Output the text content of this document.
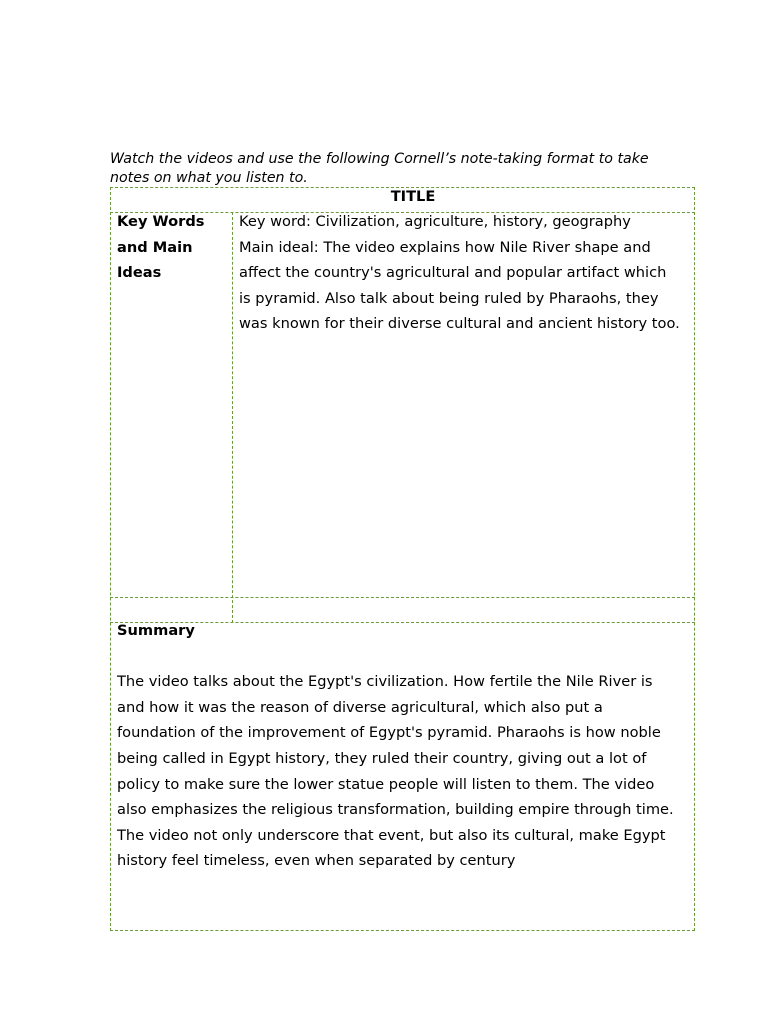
Watch the videos and use the following Cornell’s note-taking format to take
notes on what you listen to.
TITLE
Key Words
and Main
Ideas
Key word: Civilization, agriculture, history, geography
Main ideal: The video explains how Nile River shape and
affect the country's agricultural and popular artifact which
is pyramid. Also talk about being ruled by Pharaohs, they
was known for their diverse cultural and ancient history too.
Summary

The video talks about the Egypt's civilization. How fertile the Nile River is
and how it was the reason of diverse agricultural, which also put a
foundation of the improvement of Egypt's pyramid. Pharaohs is how noble
being called in Egypt history, they ruled their country, giving out a lot of
policy to make sure the lower statue people will listen to them. The video
also emphasizes the religious transformation, building empire through time.
The video not only underscore that event, but also its cultural, make Egypt
history feel timeless, even when separated by century
